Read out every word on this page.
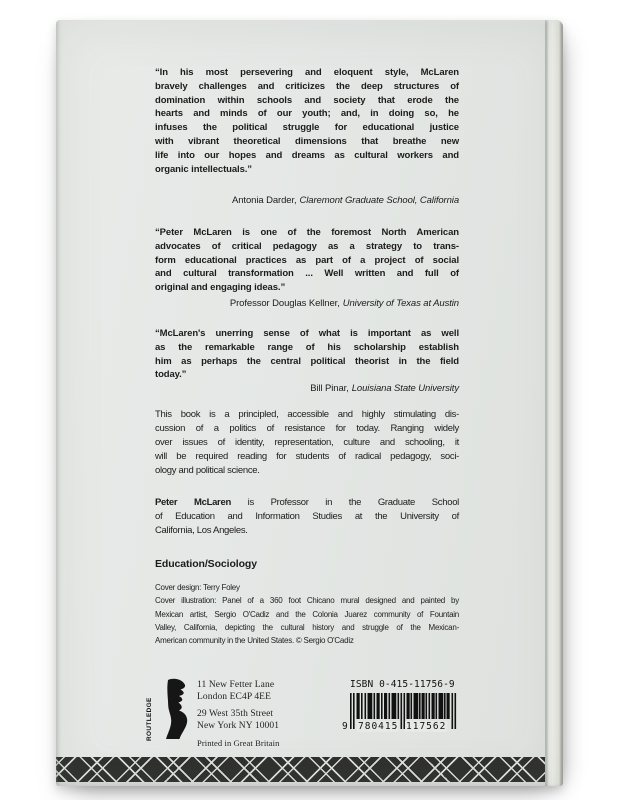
“In his most persevering and eloquent style, McLaren
bravely challenges and criticizes the deep structures of
domination within schools and society that erode the
hearts and minds of our youth; and, in doing so, he
infuses the political struggle for educational justice
with vibrant theoretical dimensions that breathe new
life into our hopes and dreams as cultural workers and
organic intellectuals.”
Antonia Darder, Claremont Graduate School, California
“Peter McLaren is one of the foremost North American
advocates of critical pedagogy as a strategy to trans-
form educational practices as part of a project of social
and cultural transformation ... Well written and full of
original and engaging ideas.”
Professor Douglas Kellner, University of Texas at Austin
“McLaren's unerring sense of what is important as well
as the remarkable range of his scholarship establish
him as perhaps the central political theorist in the field
today.”
Bill Pinar, Louisiana State University
This book is a principled, accessible and highly stimulating dis-
cussion of a politics of resistance for today. Ranging widely
over issues of identity, representation, culture and schooling, it
will be required reading for students of radical pedagogy, soci-
ology and political science.
Peter McLaren is Professor in the Graduate School
of Education and Information Studies at the University of
California, Los Angeles.
Education/Sociology
Cover design: Terry Foley
Cover illustration: Panel of a 360 foot Chicano mural designed and painted by
Mexican artist, Sergio O'Cadiz and the Colonia Juarez community of Fountain
Valley, California, depicting the cultural history and struggle of the Mexican-
American community in the United States. © Sergio O'Cadiz
ROUTLEDGE
11 New Fetter Lane
London EC4P 4EE
29 West 35th Street
New York NY 10001
Printed in Great Britain
ISBN 0-415-11756-9
9 780415 117562
